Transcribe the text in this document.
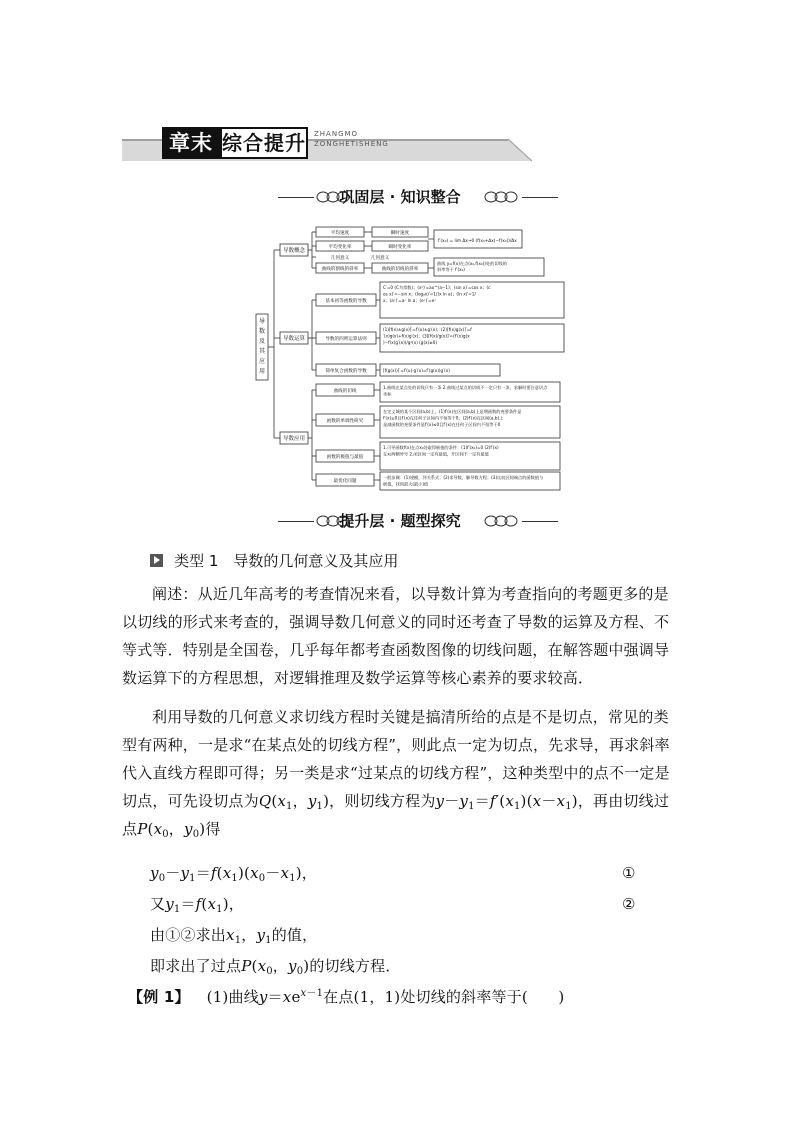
章末 综合提升 ZHANGMO
ZONGHETISHENG
巩固层 · 知识整合
导
数
及
其
应
用
导数概念
导数运算
导数应用
平均速度
平均变化率
几何意义
曲线的割线的斜率
瞬时速度
瞬时变化率
几何意义
曲线的切线的斜率
f′(x₀) = lim Δx→0 (f(x₀+Δx)−f(x₀))/Δx
曲线 y=f(x)在点(x₀,f(x₀))处的切线的
斜率等于 f′(x₀)
基本初等函数的导数
导数的四则运算法则
简单复合函数的导数
C′=0 (C为常数)；(xᵃ)′=ax^(a−1)；(sin x)′=cos x；(c
os x)′=−sin x；(logₐx)′=1/(x ln a)；(ln x)′=1/
x；(aˣ)′=aˣ ln a；(eˣ)′=eˣ
(1)[f(x)±g(x)]′=f′(x)±g′(x)；(2)[f(x)g(x)]′=f
′(x)g(x)+f(x)g′(x)；(3)[f(x)/g(x)]′=(f′(x)g(x
)−f(x)g′(x))/g²(x) (g(x)≠0)
[f(g(x))]′=f′(u)·g′(x)=f′(g(x))g′(x)
曲线的切线
函数的单调性研究
函数的极值与最值
最优化问题
1.曲线在某点处的切线只有一条 2.曲线过某点的切线不一定只有一条，求解时要注意切点
坐标
在定义域的某个区间(a,b)上，(1)f′(x)在区间(a,b)上是增函数的充要条件是
f′(x)≥0且f′(x)在任何子区间内不恒等于0；(2)f′(x)在区间(a,b)上
是减函数的充要条件是f′(x)≤0且f′(x)在任何子区间内不恒等于0
1.可导函数f(x)在点x₀处取得极值的条件：(1)f′(x₀)=0 (2)f′(x)
在x₀两侧异号 2.闭区间一定有最值，开区间不一定有最值
一般步骤：(1)建模，列关系式；(2)求导数，解导数方程；(3)比较区间端点的函数值与
极值，找到最大(最小)值
提升层 · 题型探究
类型 1　导数的几何意义及其应用
阐述：从近几年高考的考查情况来看，以导数计算为考查指向的考题更多的是以切线的形式来考查的，强调导数几何意义的同时还考查了导数的运算及方程、不等式等．特别是全国卷，几乎每年都考查函数图像的切线问题，在解答题中强调导数运算下的方程思想，对逻辑推理及数学运算等核心素养的要求较高．
利用导数的几何意义求切线方程时关键是搞清所给的点是不是切点，常见的类型有两种，一是求“在某点处的切线方程”，则此点一定为切点，先求导，再求斜率代入直线方程即可得；另一类是求“过某点的切线方程”，这种类型中的点不一定是切点，可先设切点为$Q(x_1$，$y_1$)，则切线方程为$y-y_1=f'(x_1)(x-x_1)$，再由切线过点$P(x_0$，$y_0$)得
$y_0-y_1=f(x_1)(x_0-x_1)$，	①
又$y_1=f(x_1)$，	②
由①②求出$x_1$，$y_1$的值，
即求出了过点$P(x_0$，$y_0$)的切线方程．
【例 1】 (1)曲线$y=xe^{x-1}$在点(1，1)处切线的斜率等于(　　)
